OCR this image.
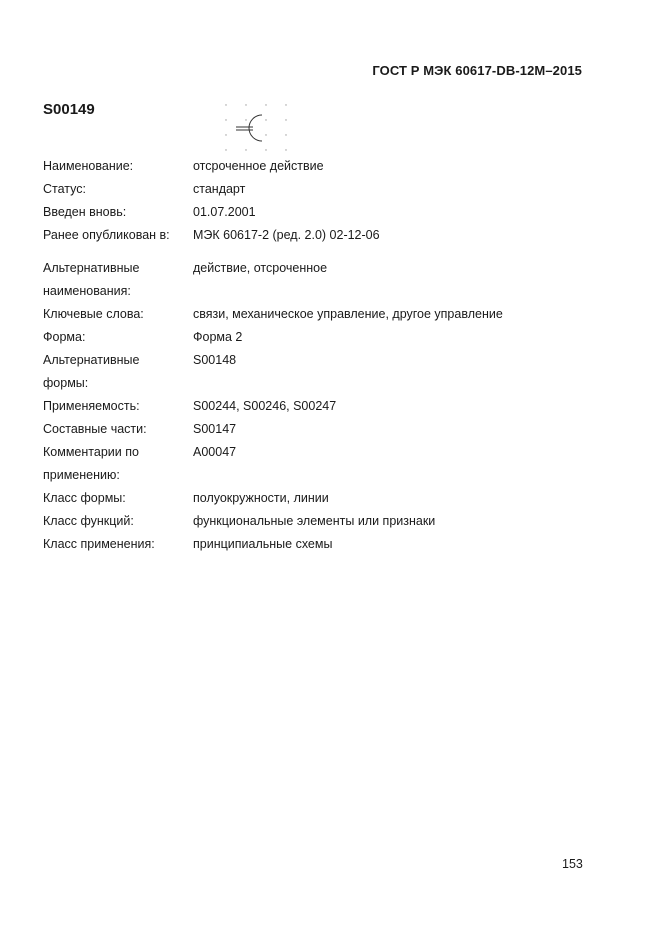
ГОСТ Р МЭК 60617-DB-12M–2015
S00149
Наименование:	отсроченное действие
Статус:	стандарт
Введен вновь:	01.07.2001
Ранее опубликован в:	МЭК 60617-2 (ред. 2.0) 02-12-06
Альтернативные	действие, отсроченное
наименования:
Ключевые слова:	связи, механическое управление, другое управление
Форма:	Форма 2
Альтернативные	S00148
формы:
Применяемость:	S00244, S00246, S00247
Составные части:	S00147
Комментарии по	A00047
применению:
Класс формы:	полуокружности, линии
Класс функций:	функциональные элементы или признаки
Класс применения:	принципиальные схемы
153
